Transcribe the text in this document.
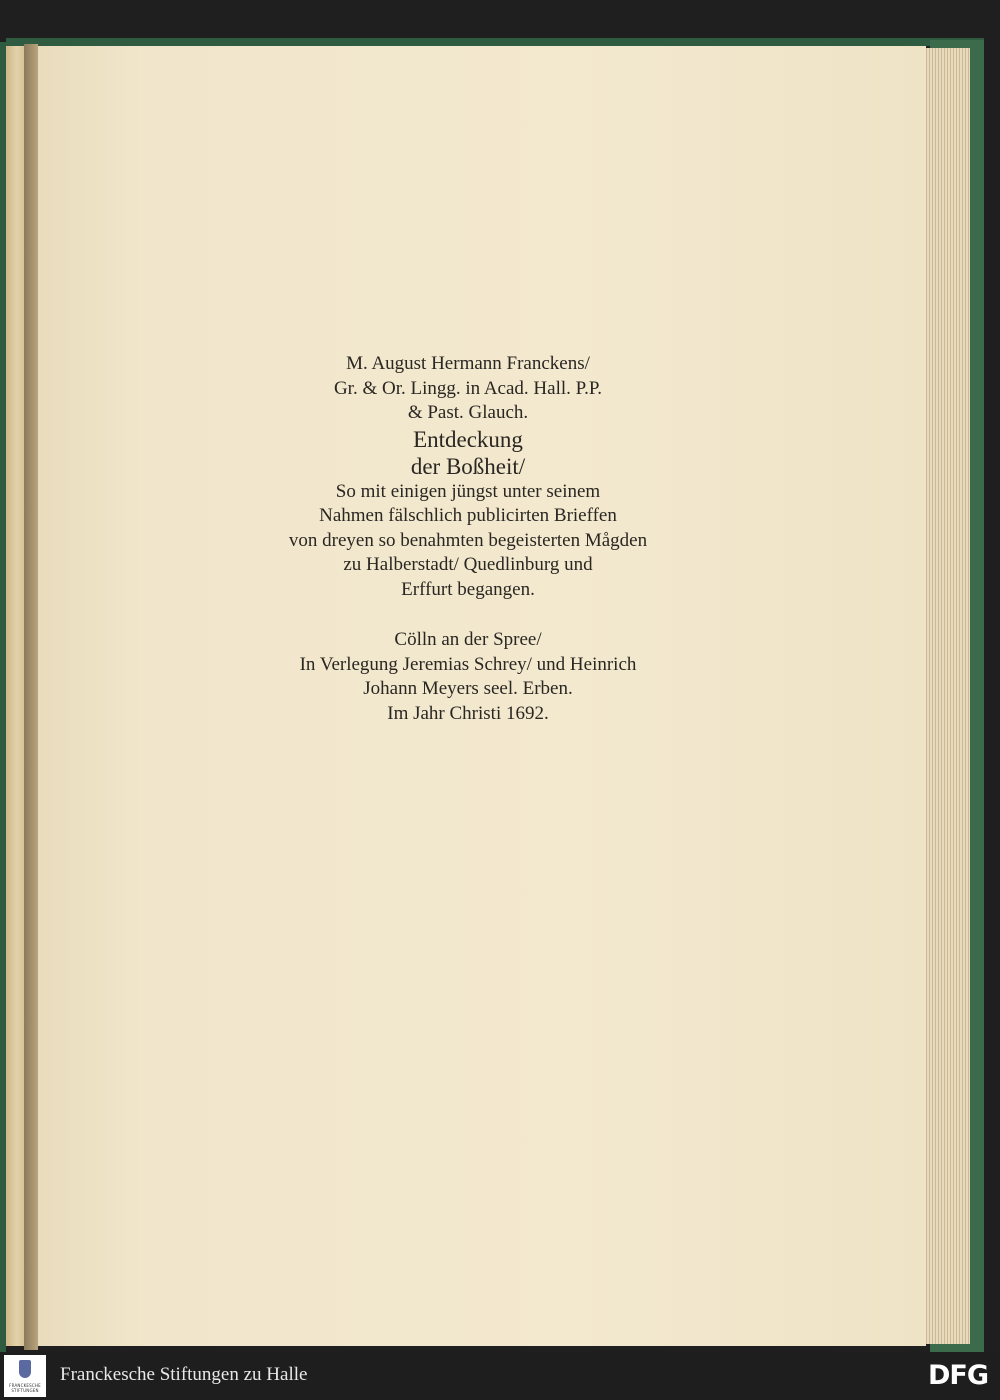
M. August Hermann Franckens/
Gr. & Or. Lingg. in Acad. Hall. P.P.
& Past. Glauch.
Entdeckung
der Boßheit/
So mit einigen jüngst unter seinem
Nahmen fälschlich publicirten Brieffen
von dreyen so benahmten begeisterten Mågden
zu Halberstadt/ Quedlinburg und
Erffurt begangen.
Cölln an der Spree/
In Verlegung Jeremias Schrey/ und Heinrich
Johann Meyers seel. Erben.
Im Jahr Christi 1692.
FRANCKESCHE STIFTUNGEN
Franckesche Stiftungen zu Halle	DFG
